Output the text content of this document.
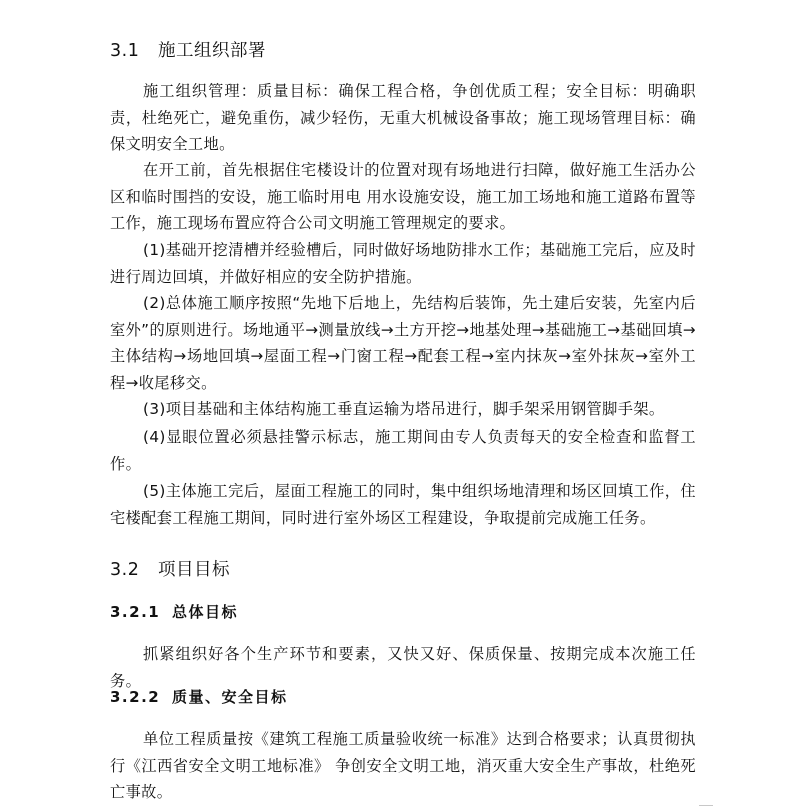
3.1 施工组织部署
施工组织管理：质量目标：确保工程合格，争创优质工程；安全目标：明确职责，杜绝死亡，避免重伤，减少轻伤，无重大机械设备事故；施工现场管理目标：确保文明安全工地。
在开工前，首先根据住宅楼设计的位置对现有场地进行扫障，做好施工生活办公区和临时围挡的安设，施工临时用电 用水设施安设，施工加工场地和施工道路布置等工作，施工现场布置应符合公司文明施工管理规定的要求。
(1)基础开挖清槽并经验槽后，同时做好场地防排水工作；基础施工完后，应及时进行周边回填，并做好相应的安全防护措施。
(2)总体施工顺序按照“先地下后地上，先结构后装饰，先土建后安装，先室内后室外”的原则进行。场地通平→测量放线→土方开挖→地基处理→基础施工→基础回填→主体结构→场地回填→屋面工程→门窗工程→配套工程→室内抹灰→室外抹灰→室外工程→收尾移交。
(3)项目基础和主体结构施工垂直运输为塔吊进行，脚手架采用钢管脚手架。
(4)显眼位置必须悬挂警示标志，施工期间由专人负责每天的安全检查和监督工作。
(5)主体施工完后，屋面工程施工的同时，集中组织场地清理和场区回填工作，住宅楼配套工程施工期间，同时进行室外场区工程建设，争取提前完成施工任务。
3.2 项目目标
3.2.1 总体目标
抓紧组织好各个生产环节和要素，又快又好、保质保量、按期完成本次施工任务。
3.2.2 质量、安全目标
单位工程质量按《建筑工程施工质量验收统一标准》达到合格要求；认真贯彻执行《江西省安全文明工地标准》 争创安全文明工地，消灭重大安全生产事故，杜绝死亡事故。
